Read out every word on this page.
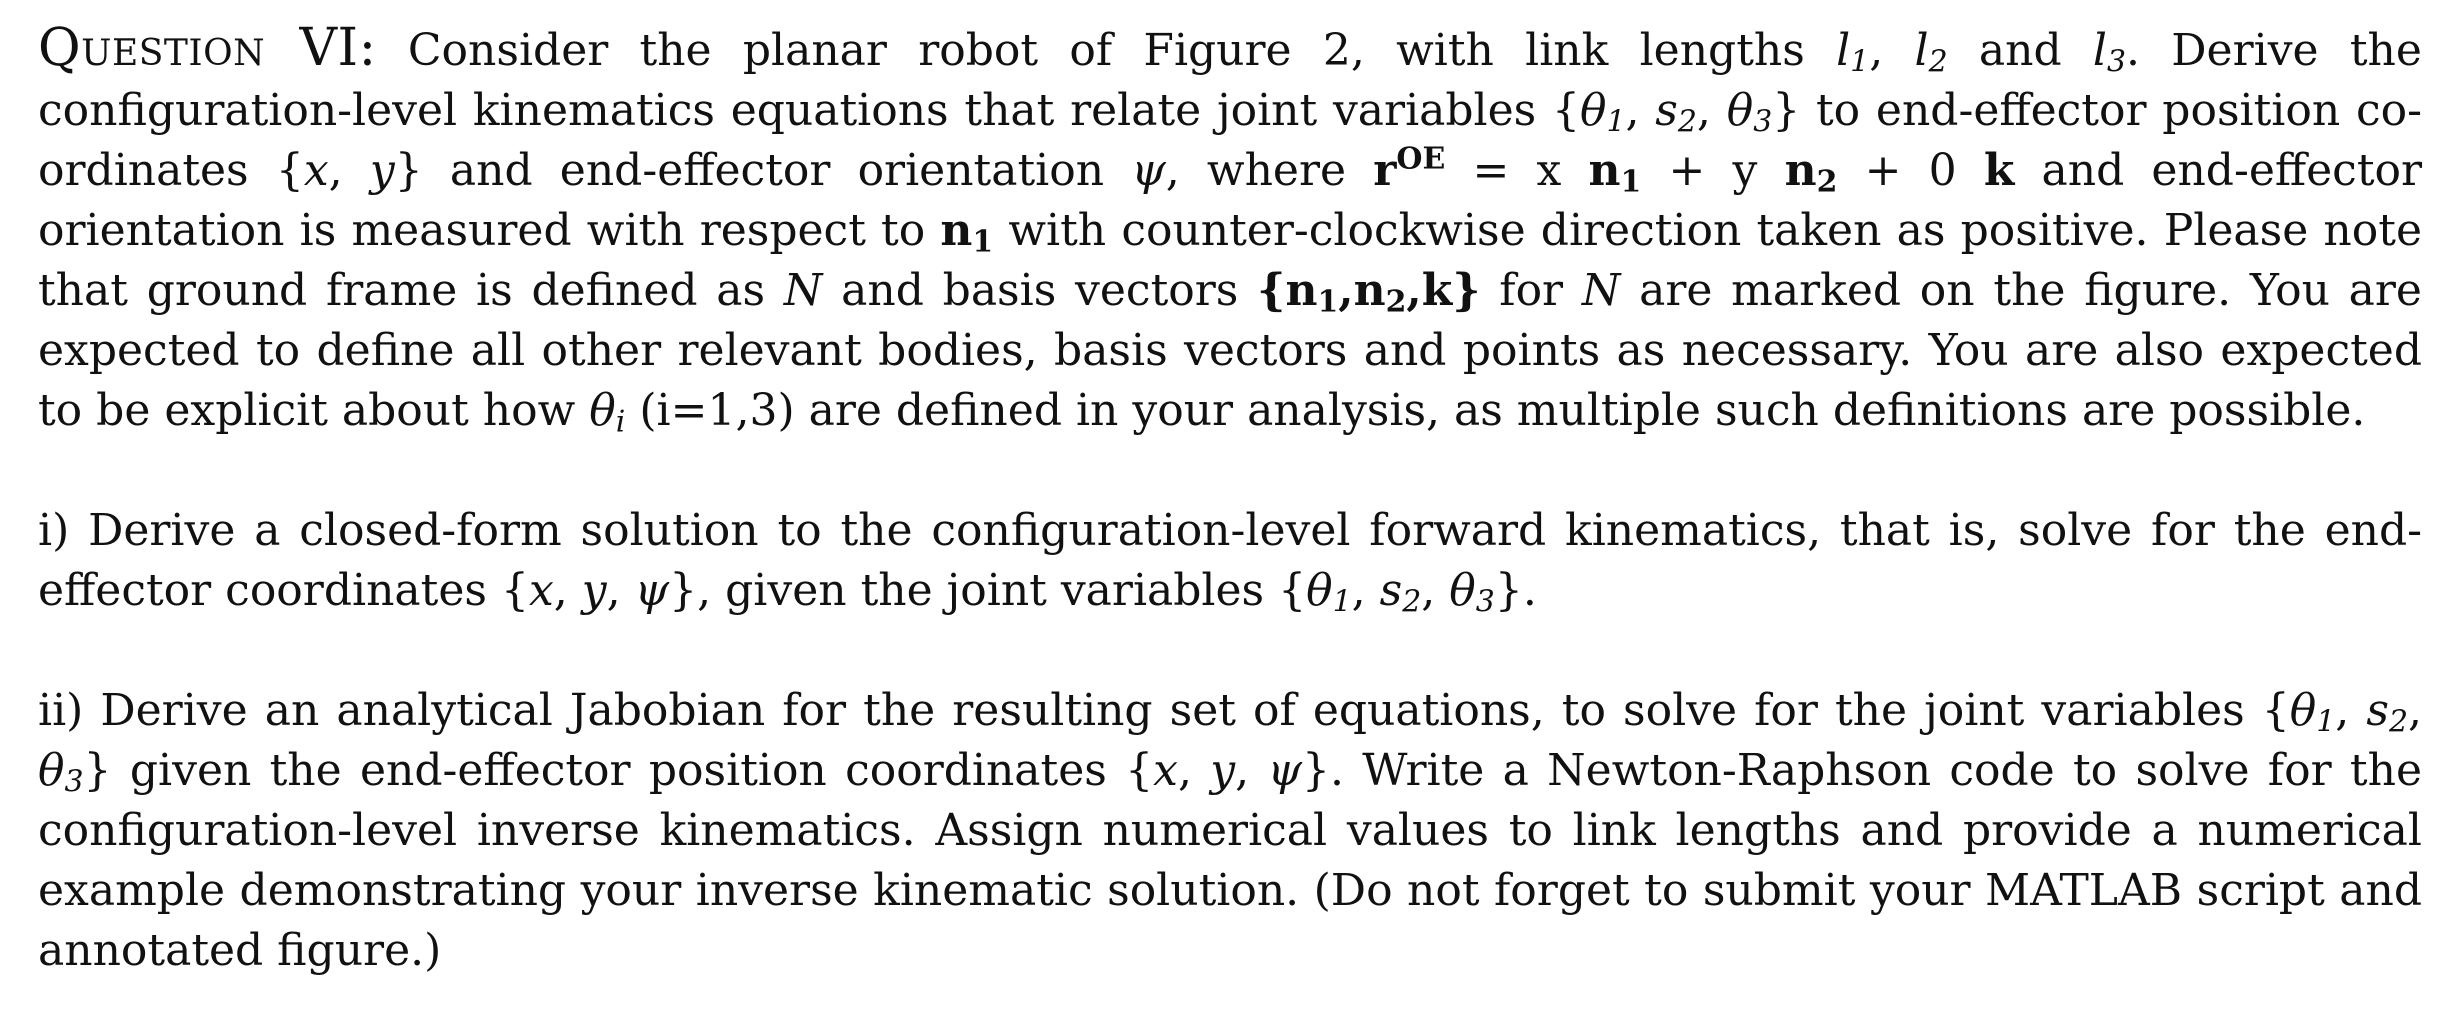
Question VI: Consider the planar robot of Figure 2, with link lengths l1, l2 and l3. Derive the configuration-level kinematics equations that relate joint variables {θ1, s2, θ3} to end-effector position co-ordinates {x, y} and end-effector orientation ψ, where $r^{OE} = x$ n1 + y n2 + 0 k and end-effector orientation is measured with respect to n1 with counter-clockwise direction taken as positive. Please note that ground frame is defined as N and basis vectors {n1,n2,k} for N are marked on the figure. You are expected to define all other relevant bodies, basis vectors and points as necessary. You are also expected to be explicit about how θi (i=1,3) are defined in your analysis, as multiple such definitions are possible.

i) Derive a closed-form solution to the configuration-level forward kinematics, that is, solve for the end-effector coordinates {x, y, ψ}, given the joint variables {θ1, s2, θ3}.

ii) Derive an analytical Jabobian for the resulting set of equations, to solve for the joint variables {θ1, s2, θ3} given the end-effector position coordinates {x, y, ψ}. Write a Newton-Raphson code to solve for the configuration-level inverse kinematics. Assign numerical values to link lengths and provide a numerical example demonstrating your inverse kinematic solution. (Do not forget to submit your MATLAB script and annotated figure.)
